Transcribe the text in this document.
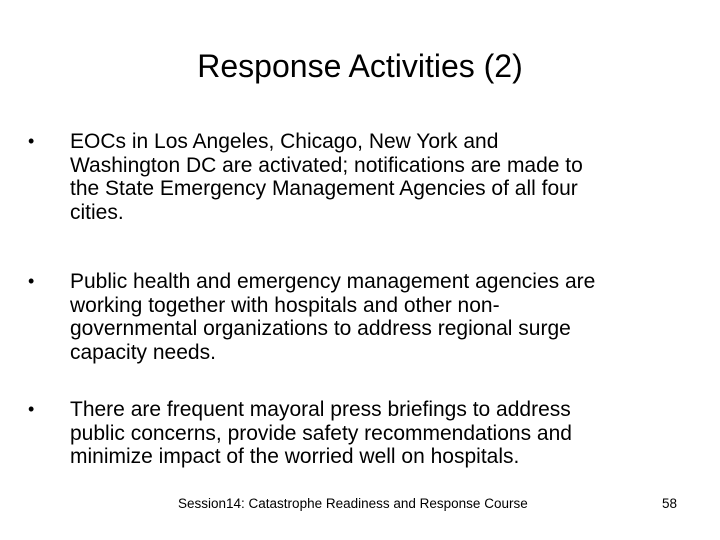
Response Activities (2)
•	EOCs in Los Angeles, Chicago, New York and
Washington DC are activated; notifications are made to
the State Emergency Management Agencies of all four
cities.
•	Public health and emergency management agencies are
working together with hospitals and other non-
governmental organizations to address regional surge
capacity needs.
•	There are frequent mayoral press briefings to address
public concerns, provide safety recommendations and
minimize impact of the worried well on hospitals.
Session14: Catastrophe Readiness and Response Course	58
